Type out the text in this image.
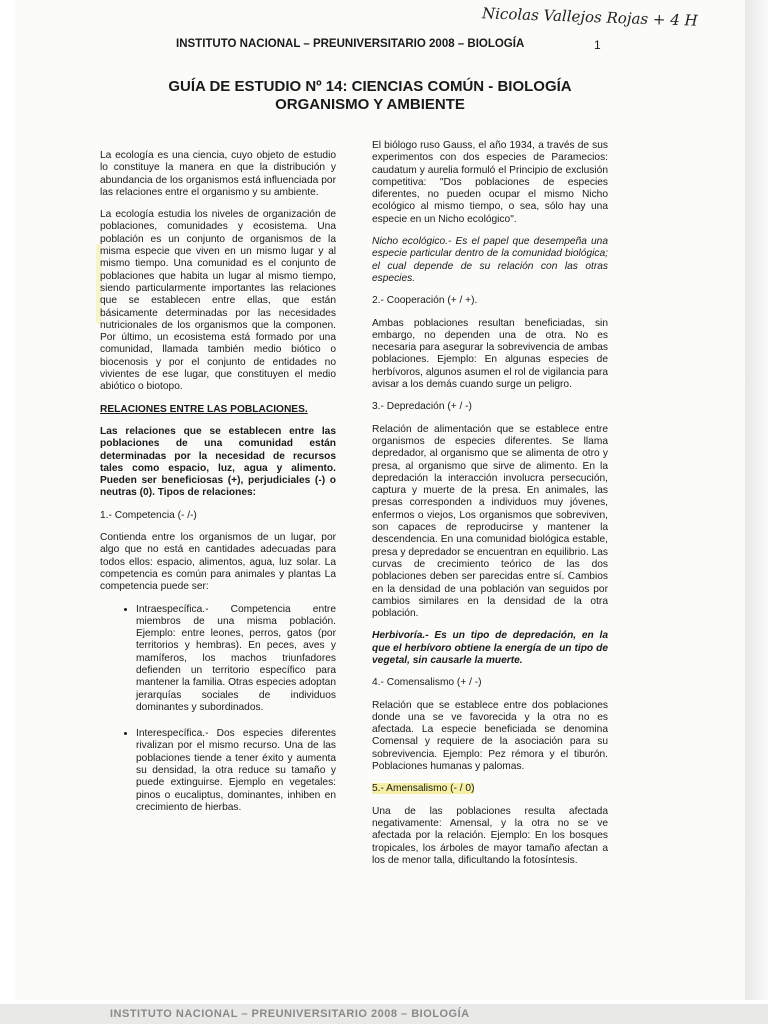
Nicolas Vallejos Rojas + 4 H
INSTITUTO NACIONAL – PREUNIVERSITARIO 2008 – BIOLOGÍA	1
GUÍA DE ESTUDIO Nº 14: CIENCIAS COMÚN - BIOLOGÍA
ORGANISMO Y AMBIENTE

La ecología es una ciencia, cuyo objeto de estudio lo constituye la manera en que la distribución y abundancia de los organismos está influenciada por las relaciones entre el organismo y su ambiente.

La ecología estudia los niveles de organización de poblaciones, comunidades y ecosistema. Una población es un conjunto de organismos de la misma especie que viven en un mismo lugar y al mismo tiempo. Una comunidad es el conjunto de poblaciones que habita un lugar al mismo tiempo, siendo particularmente importantes las relaciones que se establecen entre ellas, que están básicamente determinadas por las necesidades nutricionales de los organismos que la componen. Por último, un ecosistema está formado por una comunidad, llamada también medio biótico o biocenosis y por el conjunto de entidades no vivientes de ese lugar, que constituyen el medio abiótico o biotopo.

RELACIONES ENTRE LAS POBLACIONES.

Las relaciones que se establecen entre las poblaciones de una comunidad están determinadas por la necesidad de recursos tales como espacio, luz, agua y alimento. Pueden ser beneficiosas (+), perjudiciales (-) o neutras (0). Tipos de relaciones:

1.- Competencia (- /-)

Contienda entre los organismos de un lugar, por algo que no está en cantidades adecuadas para todos ellos: espacio, alimentos, agua, luz solar. La competencia es común para animales y plantas La competencia puede ser:

• Intraespecífica.- Competencia entre miembros de una misma población. Ejemplo: entre leones, perros, gatos (por territorios y hembras). En peces, aves y mamíferos, los machos triunfadores defienden un territorio específico para mantener la familia. Otras especies adoptan jerarquías sociales de individuos dominantes y subordinados.
• Interespecífica.- Dos especies diferentes rivalizan por el mismo recurso. Una de las poblaciones tiende a tener éxito y aumenta su densidad, la otra reduce su tamaño y puede extinguirse. Ejemplo en vegetales: pinos o eucaliptus, dominantes, inhiben en crecimiento de hierbas.

El biólogo ruso Gauss, el año 1934, a través de sus experimentos con dos especies de Paramecios: caudatum y aurelia formuló el Principio de exclusión competitiva: "Dos poblaciones de especies diferentes, no pueden ocupar el mismo Nicho ecológico al mismo tiempo, o sea, sólo hay una especie en un Nicho ecológico".

Nicho ecológico.- Es el papel que desempeña una especie particular dentro de la comunidad biológica; el cual depende de su relación con las otras especies.

2.- Cooperación (+ / +).

Ambas poblaciones resultan beneficiadas, sin embargo, no dependen una de otra. No es necesaria para asegurar la sobrevivencia de ambas poblaciones. Ejemplo: En algunas especies de herbívoros, algunos asumen el rol de vigilancia para avisar a los demás cuando surge un peligro.

3.- Depredación (+ / -)

Relación de alimentación que se establece entre organismos de especies diferentes. Se llama depredador, al organismo que se alimenta de otro y presa, al organismo que sirve de alimento. En la depredación la interacción involucra persecución, captura y muerte de la presa. En animales, las presas corresponden a individuos muy jóvenes, enfermos o viejos, Los organismos que sobreviven, son capaces de reproducirse y mantener la descendencia. En una comunidad biológica estable, presa y depredador se encuentran en equilibrio. Las curvas de crecimiento teórico de las dos poblaciones deben ser parecidas entre sí. Cambios en la densidad de una población van seguidos por cambios similares en la densidad de la otra población.

Herbivoría.- Es un tipo de depredación, en la que el herbívoro obtiene la energía de un tipo de vegetal, sin causarle la muerte.

4.- Comensalismo (+ / -)

Relación que se establece entre dos poblaciones donde una se ve favorecida y la otra no es afectada. La especie beneficiada se denomina Comensal y requiere de la asociación para su sobrevivencia. Ejemplo: Pez rémora y el tiburón. Poblaciones humanas y palomas.

5.- Amensalismo (- / 0)

Una de las poblaciones resulta afectada negativamente: Amensal, y la otra no se ve afectada por la relación. Ejemplo: En los bosques tropicales, los árboles de mayor tamaño afectan a los de menor talla, dificultando la fotosíntesis.

INSTITUTO NACIONAL – PREUNIVERSITARIO 2008 – BIOLOGÍA
